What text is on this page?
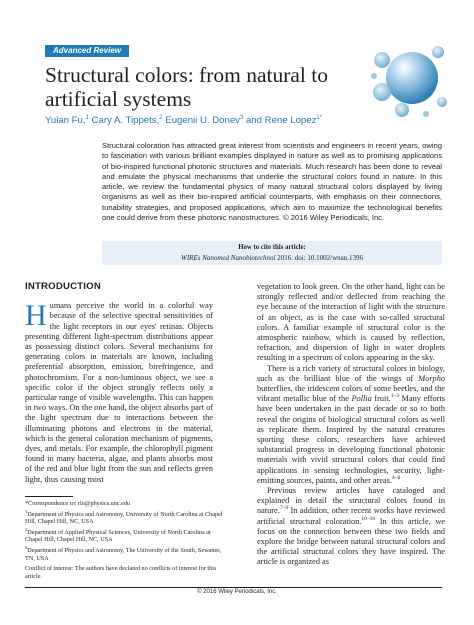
Advanced Review
Structural colors: from natural to artificial systems
Yulan Fu,$^1$ Cary A. Tippets,$^2$ Eugenii U. Donev$^3$ and Rene Lopez$^{1*}$

Structural coloration has attracted great interest from scientists and engineers in recent years, owing to fascination with various brilliant examples displayed in nature as well as to promising applications of bio-inspired functional photonic structures and materials. Much research has been done to reveal and emulate the physical mechanisms that underlie the structural colors found in nature. In this article, we review the fundamental physics of many natural structural colors displayed by living organisms as well as their bio-inspired artificial counterparts, with emphasis on their connections, tunability strategies, and proposed applications, which aim to maximize the technological benefits one could derive from these photonic nanostructures. © 2016 Wiley Periodicals, Inc.

How to cite this article:
WIREs Nanomed Nanobiotechnol 2016. doi: 10.1002/wnan.1396
INTRODUCTION

Humans perceive the world in a colorful way because of the selective spectral sensitivities of the light receptors in our eyes' retinas. Objects presenting different light-spectrum distributions appear as possessing distinct colors. Several mechanisms for generating colors in materials are known, including preferential absorption, emission, birefringence, and photochromism. For a non-luminous object, we see a specific color if the object strongly reflects only a particular range of visible wavelengths. This can happen in two ways. On the one hand, the object absorbs part of the light spectrum due to interactions between the illuminating photons and electrons in the material, which is the general coloration mechanism of pigments, dyes, and metals. For example, the chlorophyll pigment found in many bacteria, algae, and plants absorbs most of the red and blue light from the sun and reflects green light, thus causing most

vegetation to look green. On the other hand, light can be strongly reflected and/or deflected from reaching the eye because of the interaction of light with the structure of an object, as is the case with so-called structural colors. A familiar example of structural color is the atmospheric rainbow, which is caused by reflection, refraction, and dispersion of light in water droplets resulting in a spectrum of colors appearing in the sky.

There is a rich variety of structural colors in biology, such as the brilliant blue of the wings of Morpho butterflies, the iridescent colors of some beetles, and the vibrant metallic blue of the Pollia fruit.$^{1-3}$ Many efforts have been undertaken in the past decade or so to both reveal the origins of biological structural colors as well as replicate them. Inspired by the natural creatures sporting these colors, researchers have achieved substantial progress in developing functional photonic materials with vivid structural colors that could find applications in sensing technologies, security, light-emitting sources, paints, and other areas.$^{4-6}$

Previous review articles have cataloged and explained in detail the structural colors found in nature.$^{7-9}$ In addition, other recent works have reviewed artificial structural coloration.$^{10-16}$ In this article, we focus on the connection between these two fields and explore the bridge between natural structural colors and the artificial structural colors they have inspired. The article is organized as

*Correspondence to: rln@physics.unc.edu

$^1$Department of Physics and Astronomy, University of North Carolina at Chapel Hill, Chapel Hill, NC, USA

$^2$Department of Applied Physical Sciences, University of North Carolina at Chapel Hill, Chapel Hill, NC, USA

$^3$Department of Physics and Astronomy, The University of the South, Sewanee, TN, USA

Conflict of interest: The authors have declared no conflicts of interest for this article.

© 2016 Wiley Periodicals, Inc.
